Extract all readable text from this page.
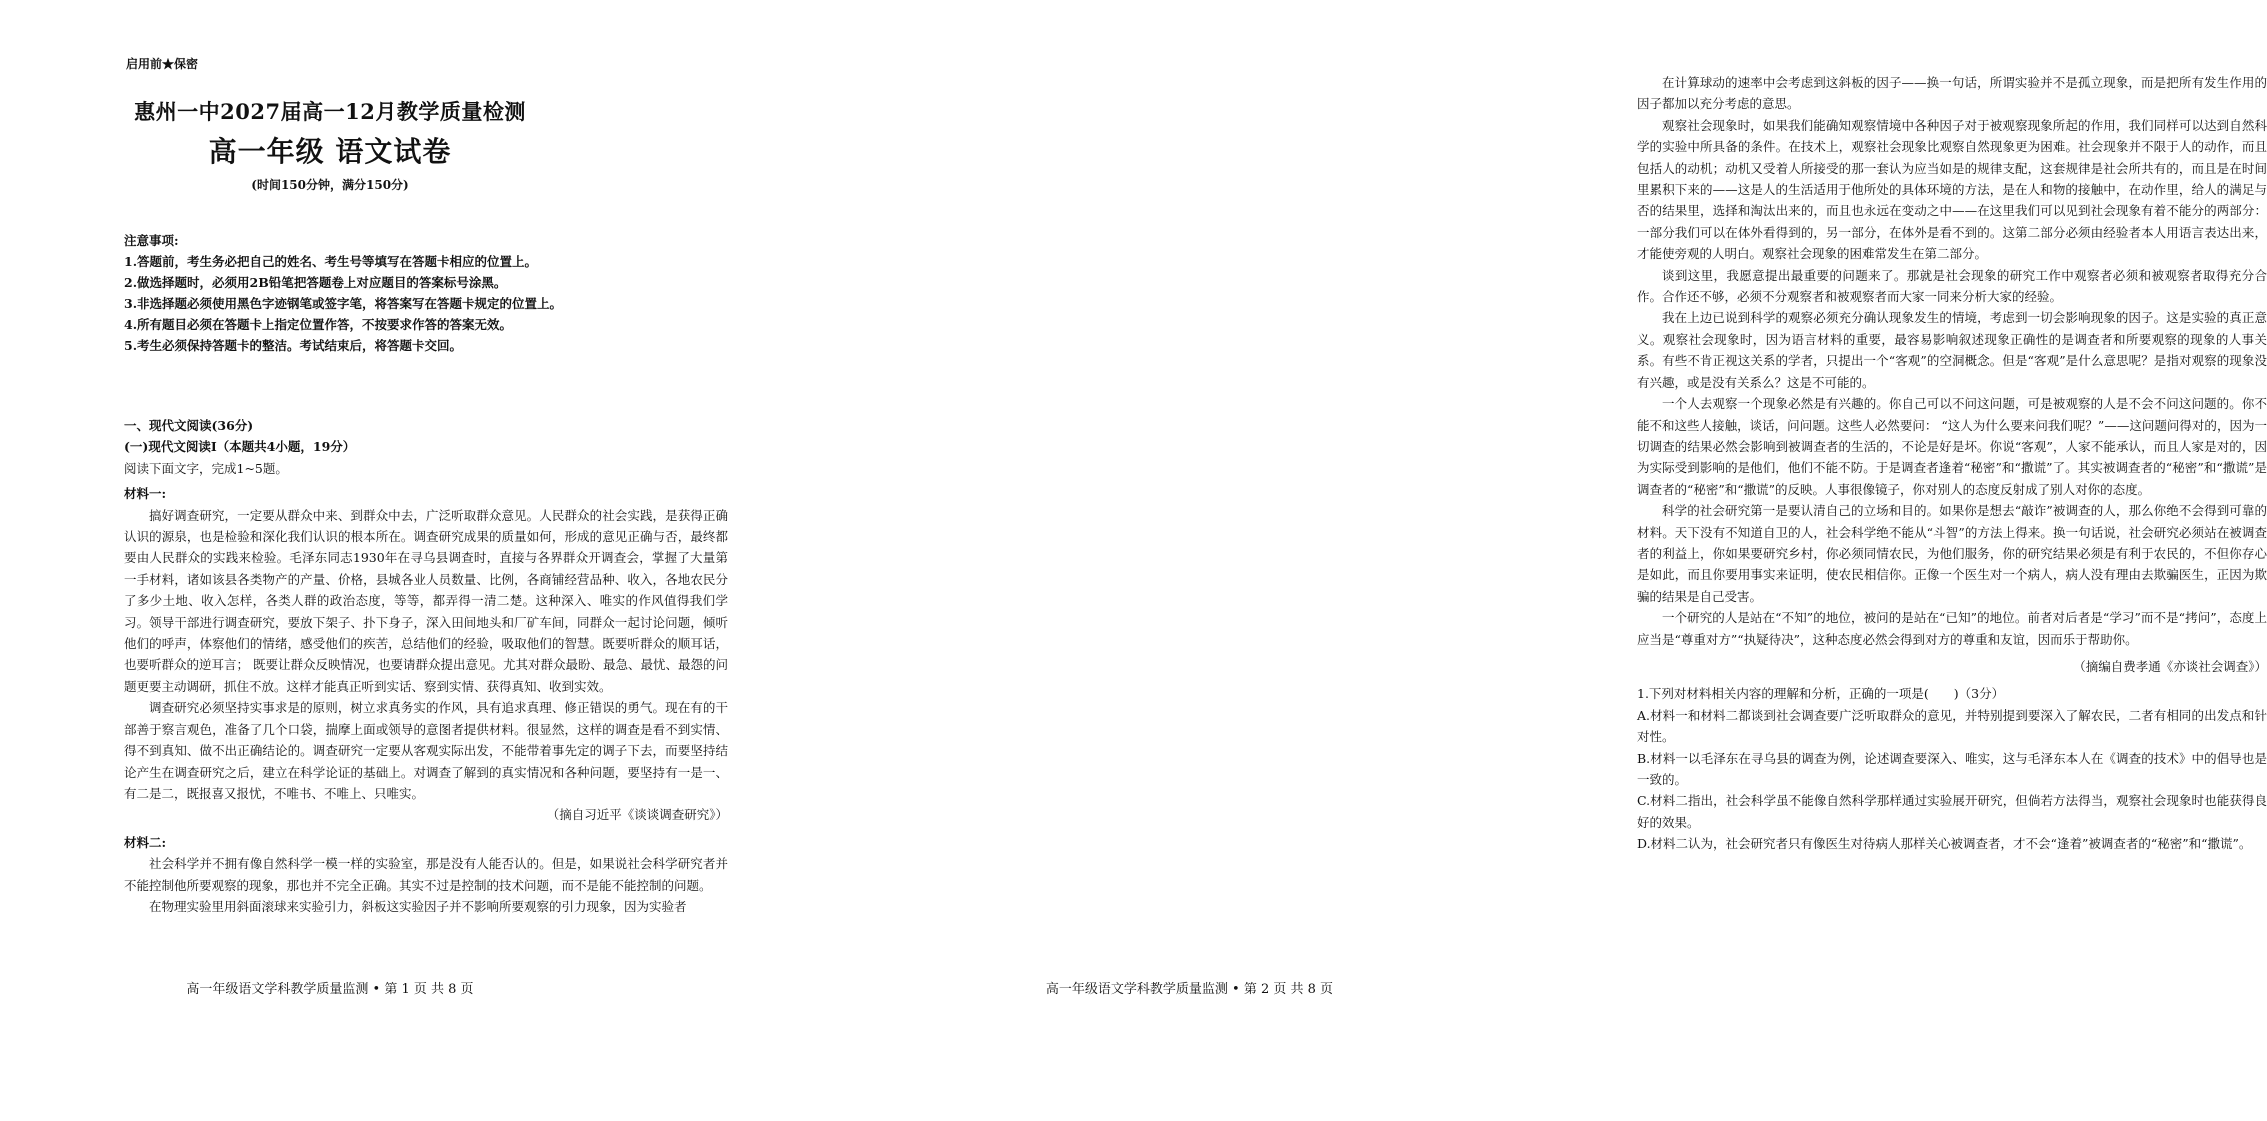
启用前★保密
惠州一中2027届高一12月教学质量检测
高一年级 语文试卷
(时间150分钟，满分150分)

注意事项:

1.答题前，考生务必把自己的姓名、考生号等填写在答题卡相应的位置上。

2.做选择题时，必须用2B铅笔把答题卷上对应题目的答案标号涂黑。

3.非选择题必须使用黑色字迹钢笔或签字笔，将答案写在答题卡规定的位置上。

4.所有题目必须在答题卡上指定位置作答，不按要求作答的答案无效。

5.考生必须保持答题卡的整洁。考试结束后，将答题卡交回。

一、现代文阅读(36分)

(一)现代文阅读Ⅰ（本题共4小题，19分）

阅读下面文字，完成1~5题。

材料一:

搞好调查研究，一定要从群众中来、到群众中去，广泛听取群众意见。人民群众的社会实践，是获得正确认识的源泉，也是检验和深化我们认识的根本所在。调查研究成果的质量如何，形成的意见正确与否，最终都要由人民群众的实践来检验。毛泽东同志1930年在寻乌县调查时，直接与各界群众开调查会，掌握了大量第一手材料，诸如该县各类物产的产量、价格，县城各业人员数量、比例，各商铺经营品种、收入，各地农民分了多少土地、收入怎样，各类人群的政治态度，等等，都弄得一清二楚。这种深入、唯实的作风值得我们学习。领导干部进行调查研究，要放下架子、扑下身子，深入田间地头和厂矿车间，同群众一起讨论问题，倾听他们的呼声，体察他们的情绪，感受他们的疾苦，总结他们的经验，吸取他们的智慧。既要听群众的顺耳话，也要听群众的逆耳言； 既要让群众反映情况，也要请群众提出意见。尤其对群众最盼、最急、最忧、最怨的问题更要主动调研，抓住不放。这样才能真正听到实话、察到实情、获得真知、收到实效。

调查研究必须坚持实事求是的原则，树立求真务实的作风，具有追求真理、修正错误的勇气。现在有的干部善于察言观色，准备了几个口袋，揣摩上面或领导的意图者提供材料。很显然，这样的调查是看不到实情、得不到真知、做不出正确结论的。调查研究一定要从客观实际出发，不能带着事先定的调子下去，而要坚持结论产生在调查研究之后，建立在科学论证的基础上。对调查了解到的真实情况和各种问题，要坚持有一是一、有二是二，既报喜又报忧，不唯书、不唯上、只唯实。

（摘自习近平《谈谈调查研究》）

材料二:

社会科学并不拥有像自然科学一模一样的实验室，那是没有人能否认的。但是，如果说社会科学研究者并不能控制他所要观察的现象，那也并不完全正确。其实不过是控制的技术问题，而不是能不能控制的问题。

在物理实验里用斜面滚球来实验引力，斜板这实验因子并不影响所要观察的引力现象，因为实验者

高一年级语文学科教学质量监测 • 第 1 页 共 8 页

在计算球动的速率中会考虑到这斜板的因子——换一句话，所谓实验并不是孤立现象，而是把所有发生作用的因子都加以充分考虑的意思。

观察社会现象时，如果我们能确知观察情境中各种因子对于被观察现象所起的作用，我们同样可以达到自然科学的实验中所具备的条件。在技术上，观察社会现象比观察自然现象更为困难。社会现象并不限于人的动作，而且包括人的动机；动机又受着人所接受的那一套认为应当如是的规律支配，这套规律是社会所共有的，而且是在时间里累积下来的——这是人的生活适用于他所处的具体环境的方法，是在人和物的接触中，在动作里，给人的满足与否的结果里，选择和淘汰出来的，而且也永远在变动之中——在这里我们可以见到社会现象有着不能分的两部分：一部分我们可以在体外看得到的，另一部分，在体外是看不到的。这第二部分必须由经验者本人用语言表达出来，才能使旁观的人明白。观察社会现象的困难常发生在第二部分。

谈到这里，我愿意提出最重要的问题来了。那就是社会现象的研究工作中观察者必须和被观察者取得充分合作。合作还不够，必须不分观察者和被观察者而大家一同来分析大家的经验。

我在上边已说到科学的观察必须充分确认现象发生的情境，考虑到一切会影响现象的因子。这是实验的真正意义。观察社会现象时，因为语言材料的重要，最容易影响叙述现象正确性的是调查者和所要观察的现象的人事关系。有些不肯正视这关系的学者，只提出一个“客观”的空洞概念。但是“客观”是什么意思呢？是指对观察的现象没有兴趣，或是没有关系么？这是不可能的。

一个人去观察一个现象必然是有兴趣的。你自己可以不问这问题，可是被观察的人是不会不问这问题的。你不能不和这些人接触，谈话，问问题。这些人必然要问： “这人为什么要来问我们呢？”——这问题问得对的，因为一切调查的结果必然会影响到被调查者的生活的，不论是好是坏。你说“客观”，人家不能承认，而且人家是对的，因为实际受到影响的是他们，他们不能不防。于是调查者逢着“秘密”和“撒谎”了。其实被调查者的“秘密”和“撒谎”是调查者的“秘密”和“撒谎”的反映。人事很像镜子，你对别人的态度反射成了别人对你的态度。

科学的社会研究第一是要认清自己的立场和目的。如果你是想去“敲诈”被调查的人，那么你绝不会得到可靠的材料。天下没有不知道自卫的人，社会科学绝不能从“斗智”的方法上得来。换一句话说，社会研究必须站在被调查者的利益上，你如果要研究乡村，你必须同情农民，为他们服务，你的研究结果必须是有利于农民的，不但你存心是如此，而且你要用事实来证明，使农民相信你。正像一个医生对一个病人，病人没有理由去欺骗医生，正因为欺骗的结果是自己受害。

一个研究的人是站在“不知”的地位，被问的是站在“已知”的地位。前者对后者是“学习”而不是“拷问”，态度上应当是“尊重对方”“执疑待决”，这种态度必然会得到对方的尊重和友谊，因而乐于帮助你。

（摘编自费孝通《亦谈社会调查》）

1.下列对材料相关内容的理解和分析，正确的一项是(　　)（3分）

A.材料一和材料二都谈到社会调查要广泛听取群众的意见，并特别提到要深入了解农民，二者有相同的出发点和针对性。

B.材料一以毛泽东在寻乌县的调查为例，论述调查要深入、唯实，这与毛泽东本人在《调查的技术》中的倡导也是一致的。

C.材料二指出，社会科学虽不能像自然科学那样通过实验展开研究，但倘若方法得当，观察社会现象时也能获得良好的效果。

D.材料二认为，社会研究者只有像医生对待病人那样关心被调查者，才不会“逢着”被调查者的“秘密”和“撒谎”。

高一年级语文学科教学质量监测 • 第 2 页 共 8 页
